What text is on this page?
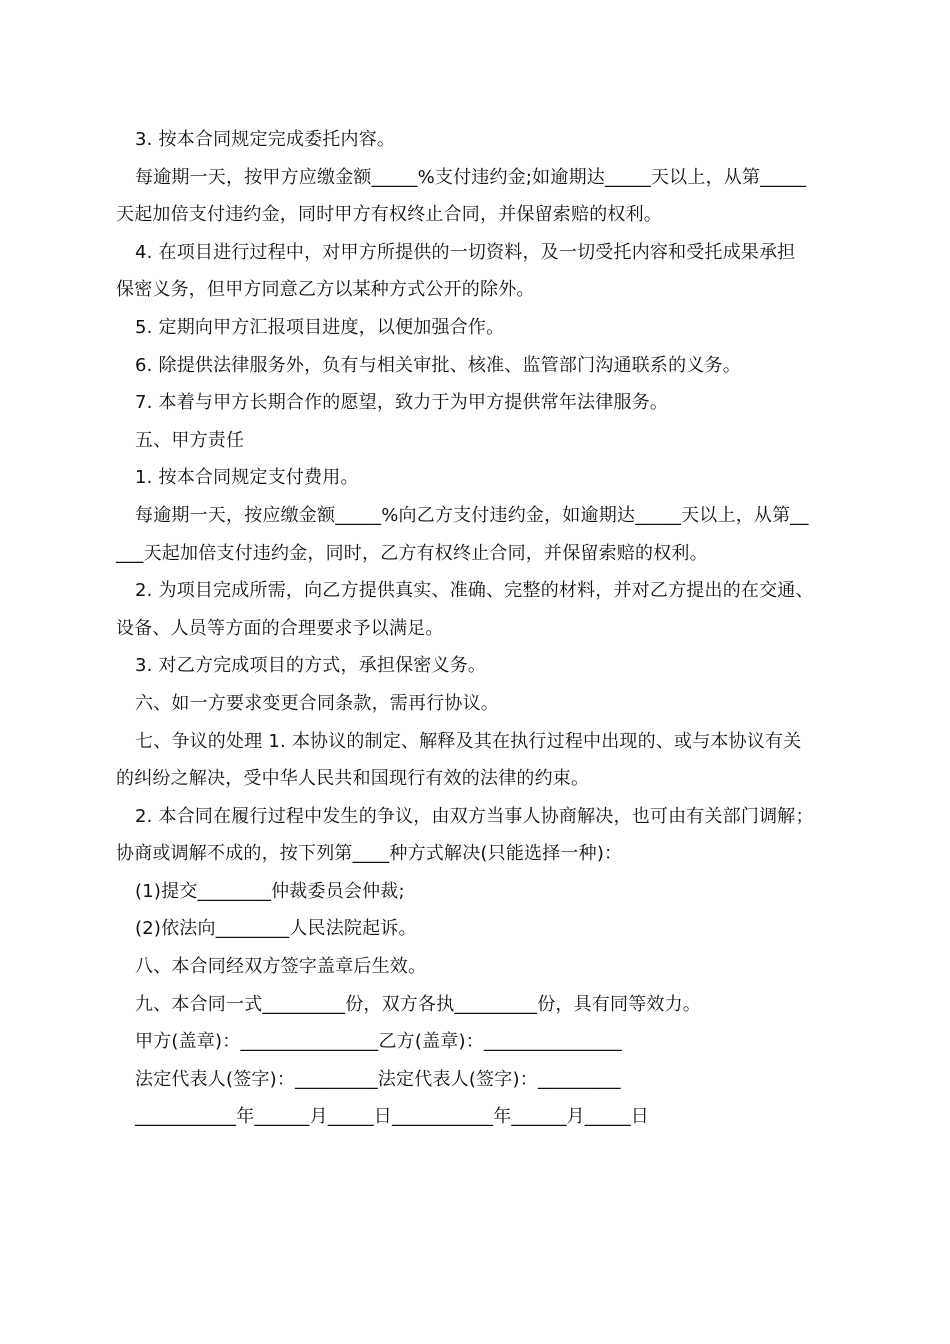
3. 按本合同规定完成委托内容。
每逾期一天，按甲方应缴金额_____%支付违约金;如逾期达_____天以上，从第_____
天起加倍支付违约金，同时甲方有权终止合同，并保留索赔的权利。
4. 在项目进行过程中，对甲方所提供的一切资料，及一切受托内容和受托成果承担
保密义务，但甲方同意乙方以某种方式公开的除外。
5. 定期向甲方汇报项目进度，以便加强合作。
6. 除提供法律服务外，负有与相关审批、核准、监管部门沟通联系的义务。
7. 本着与甲方长期合作的愿望，致力于为甲方提供常年法律服务。
五、甲方责任
1. 按本合同规定支付费用。
每逾期一天，按应缴金额_____%向乙方支付违约金，如逾期达_____天以上，从第__
___天起加倍支付违约金，同时，乙方有权终止合同，并保留索赔的权利。
2. 为项目完成所需，向乙方提供真实、准确、完整的材料，并对乙方提出的在交通、
设备、人员等方面的合理要求予以满足。
3. 对乙方完成项目的方式，承担保密义务。
六、如一方要求变更合同条款，需再行协议。
七、争议的处理 1. 本协议的制定、解释及其在执行过程中出现的、或与本协议有关
的纠纷之解决，受中华人民共和国现行有效的法律的约束。
2. 本合同在履行过程中发生的争议，由双方当事人协商解决，也可由有关部门调解；
协商或调解不成的，按下列第____种方式解决(只能选择一种)：
(1)提交________仲裁委员会仲裁;
(2)依法向________人民法院起诉。
八、本合同经双方签字盖章后生效。
九、本合同一式_________份，双方各执_________份，具有同等效力。
甲方(盖章)：_______________乙方(盖章)：_______________
法定代表人(签字)：_________法定代表人(签字)：_________
___________年______月_____日___________年______月_____日
